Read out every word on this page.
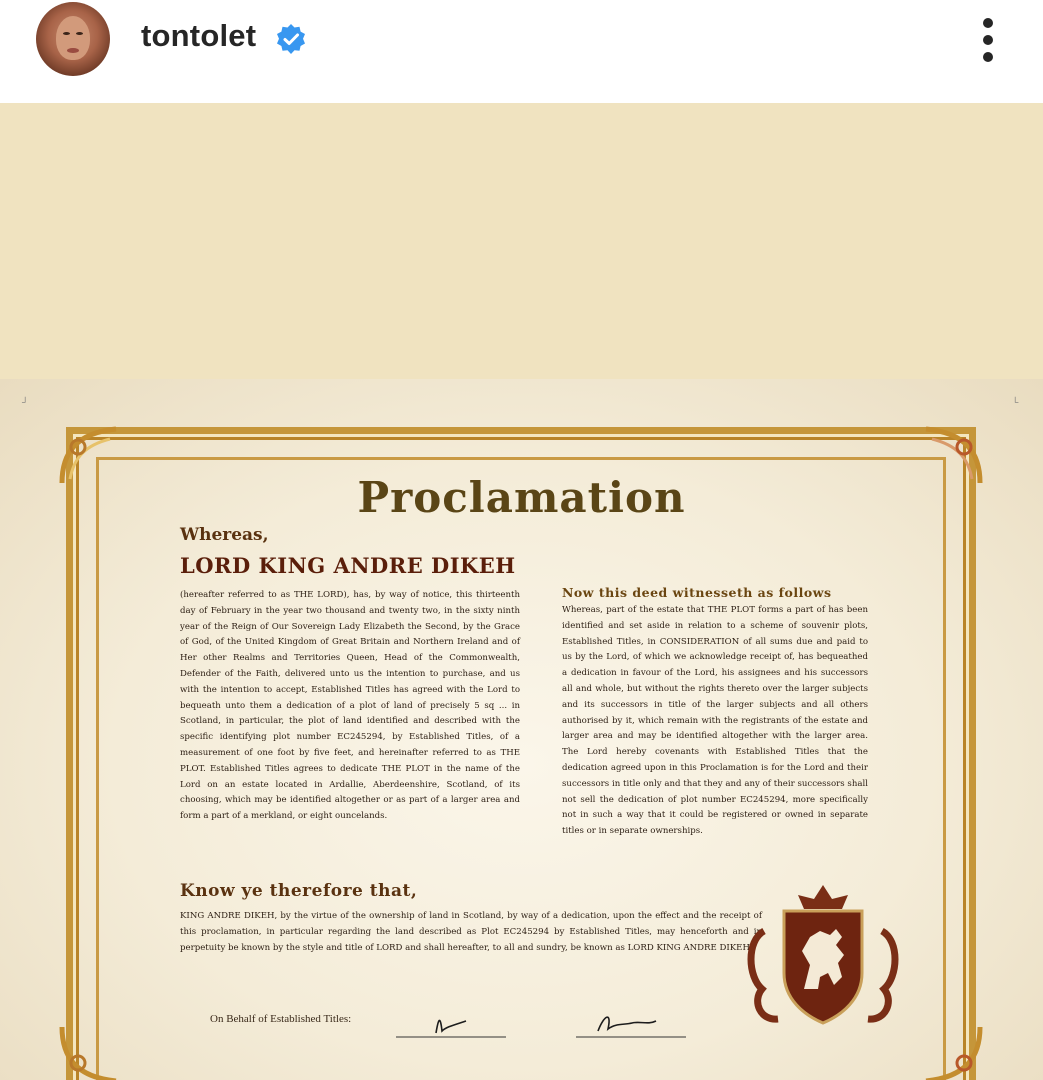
tontolet
┘	└
Proclamation
Whereas,
LORD KING ANDRE DIKEH
(hereafter referred to as THE LORD), has, by way of notice, this thirteenth day of February in the year two thousand and twenty two, in the sixty ninth year of the Reign of Our Sovereign Lady Elizabeth the Second, by the Grace of God, of the United Kingdom of Great Britain and Northern Ireland and of Her other Realms and Territories Queen, Head of the Commonwealth, Defender of the Faith, delivered unto us the intention to purchase, and us with the intention to accept, Established Titles has agreed with the Lord to bequeath unto them a dedication of a plot of land of precisely 5 sq ... in Scotland, in particular, the plot of land identified and described with the specific identifying plot number EC245294, by Established Titles, of a measurement of one foot by five feet, and hereinafter referred to as THE PLOT. Established Titles agrees to dedicate THE PLOT in the name of the Lord on an estate located in Ardallie, Aberdeenshire, Scotland, of its choosing, which may be identified altogether or as part of a larger area and form a part of a merkland, or eight ouncelands.
Now this deed witnesseth as follows
Whereas, part of the estate that THE PLOT forms a part of has been identified and set aside in relation to a scheme of souvenir plots, Established Titles, in CONSIDERATION of all sums due and paid to us by the Lord, of which we acknowledge receipt of, has bequeathed a dedication in favour of the Lord, his assignees and his successors all and whole, but without the rights thereto over the larger subjects and its successors in title of the larger subjects and all others authorised by it, which remain with the registrants of the estate and larger area and may be identified altogether with the larger area. The Lord hereby covenants with Established Titles that the dedication agreed upon in this Proclamation is for the Lord and their successors in title only and that they and any of their successors shall not sell the dedication of plot number EC245294, more specifically not in such a way that it could be registered or owned in separate titles or in separate ownerships.
Know ye therefore that,
KING ANDRE DIKEH, by the virtue of the ownership of land in Scotland, by way of a dedication, upon the effect and the receipt of this proclamation, in particular regarding the land described as Plot EC245294 by Established Titles, may henceforth and in perpetuity be known by the style and title of LORD and shall hereafter, to all and sundry, be known as LORD KING ANDRE DIKEH.
On Behalf of Established Titles:
